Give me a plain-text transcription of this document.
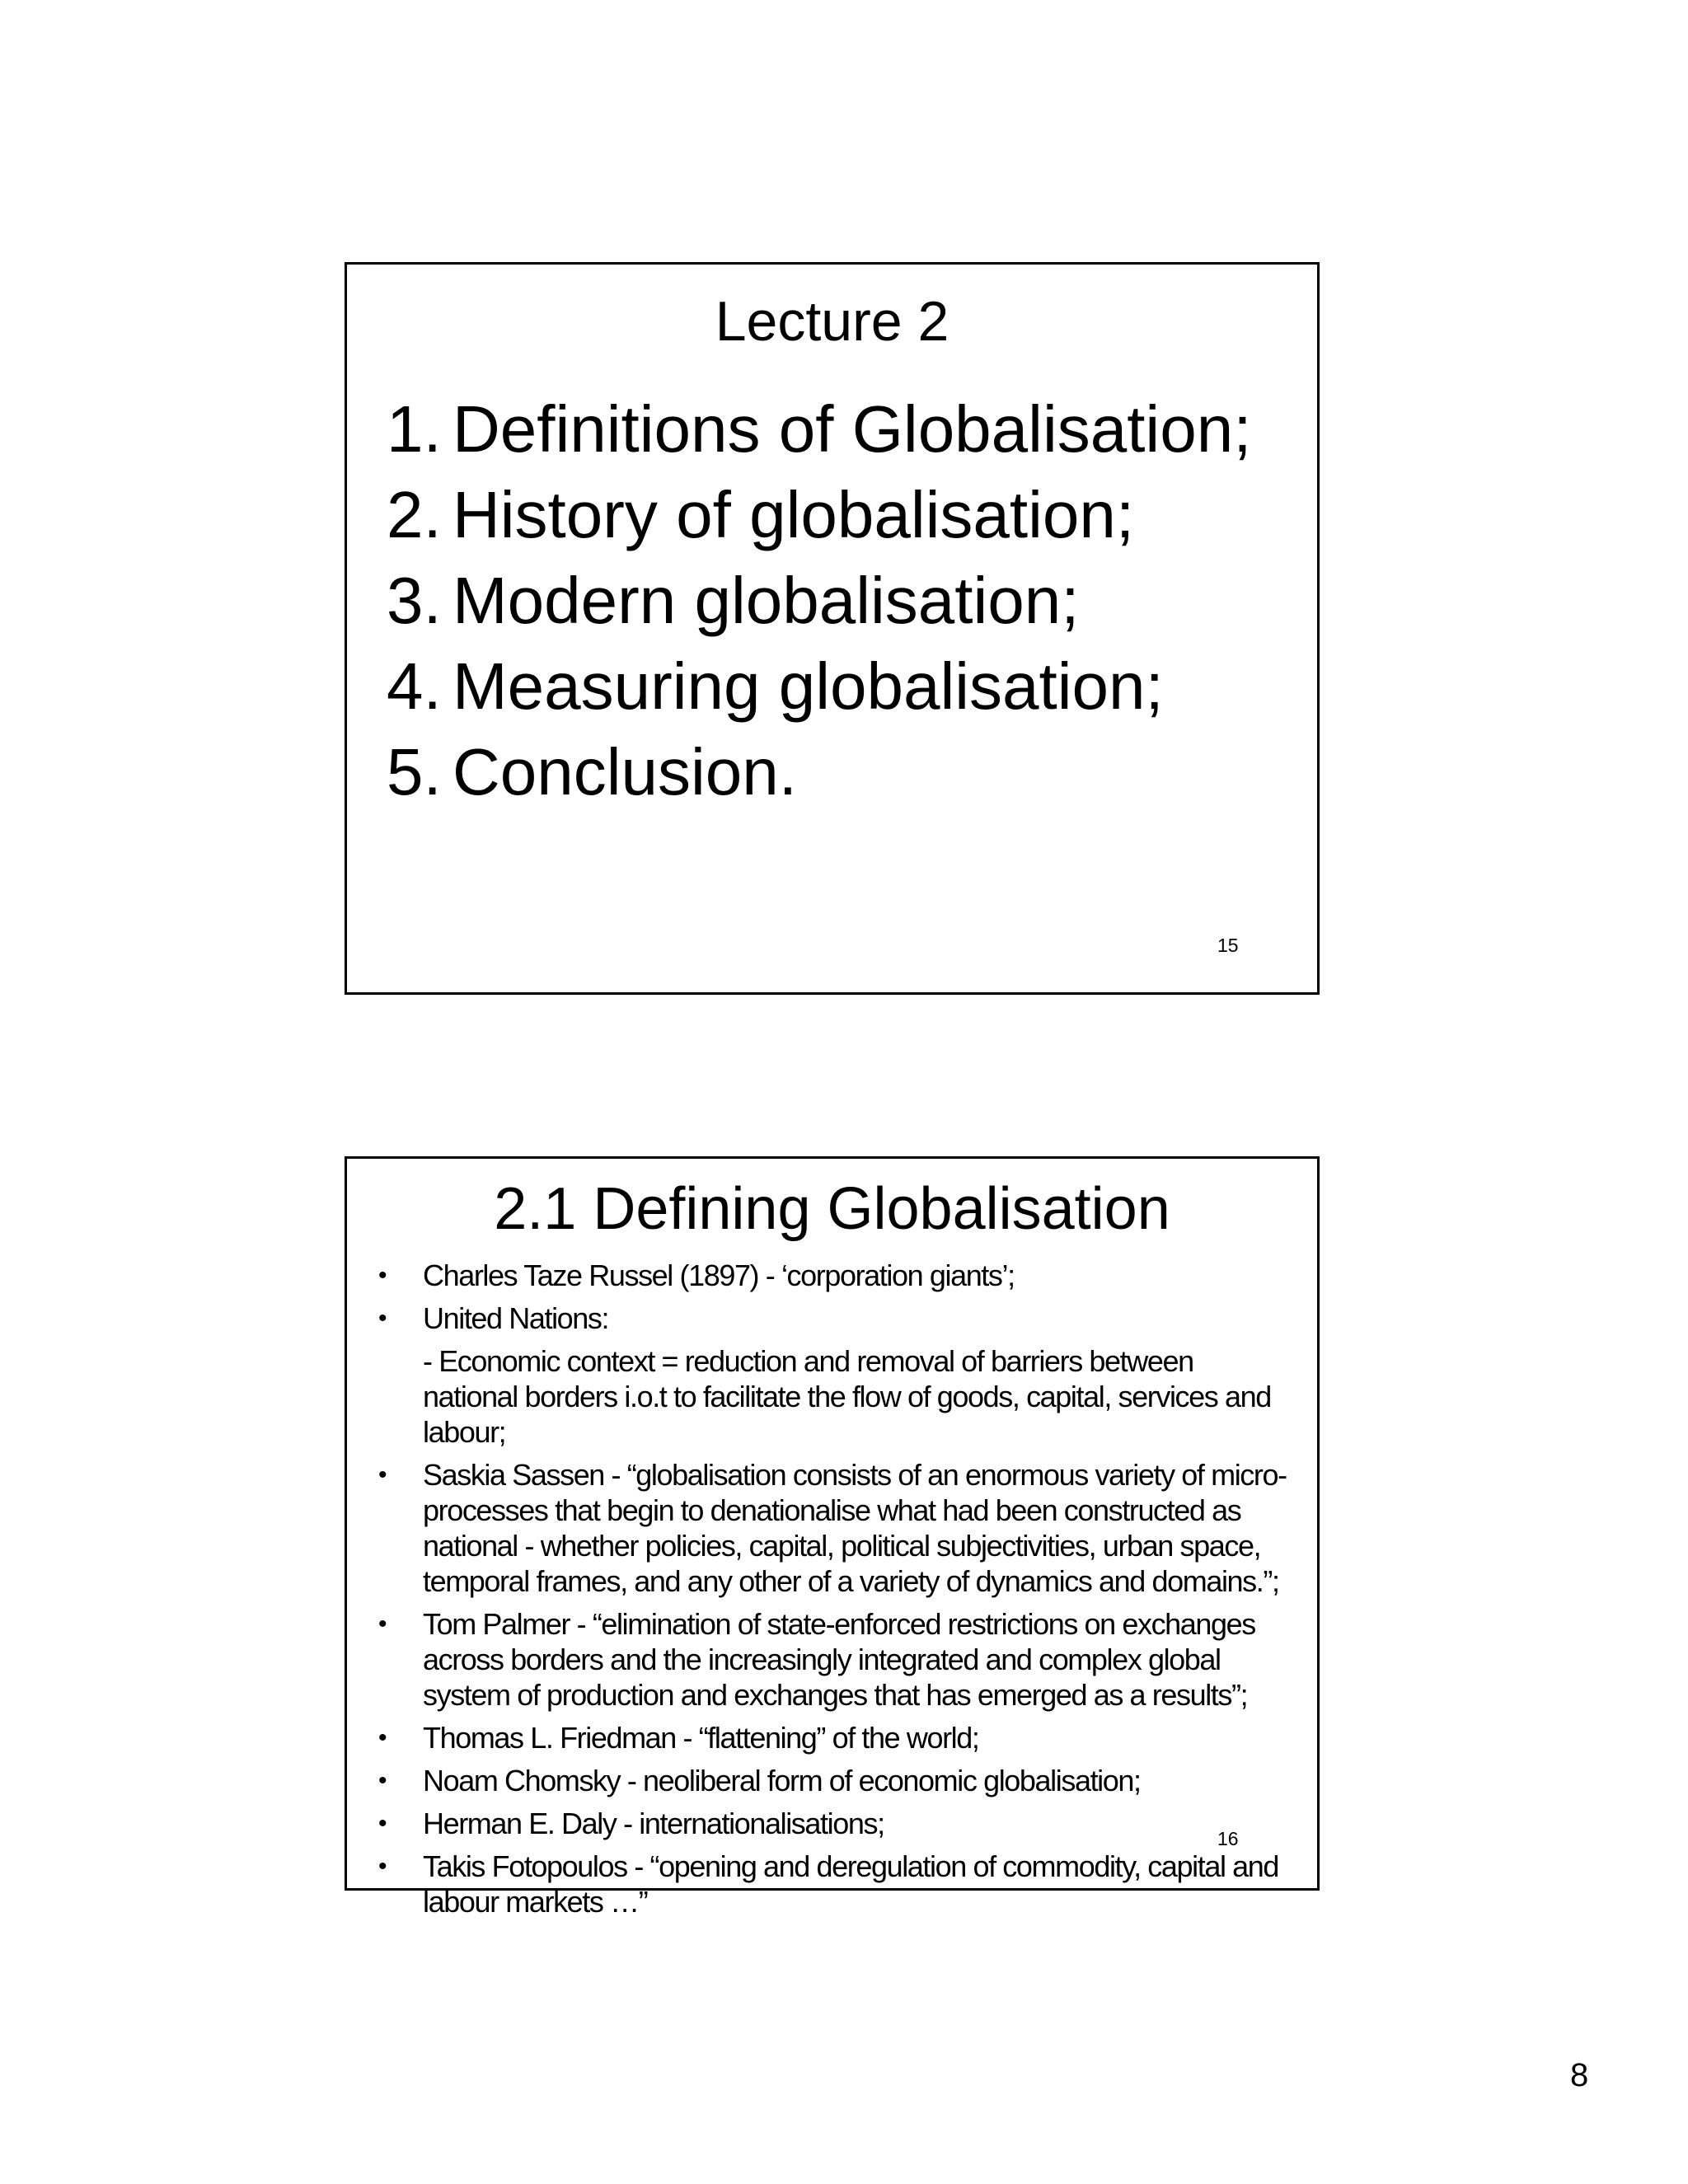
Lecture 2
1. Definitions of Globalisation;
2. History of globalisation;
3. Modern globalisation;
4. Measuring globalisation;
5. Conclusion.
15
2.1 Defining Globalisation
• Charles Taze Russel (1897) - ‘corporation giants’;
• United Nations:
- Economic context = reduction and removal of barriers between national borders i.o.t to facilitate the flow of goods, capital, services and labour;
• Saskia Sassen - “globalisation consists of an enormous variety of micro-processes that begin to denationalise what had been constructed as national - whether policies, capital, political subjectivities, urban space, temporal frames, and any other of a variety of dynamics and domains.”;
• Tom Palmer - “elimination of state-enforced restrictions on exchanges across borders and the increasingly integrated and complex global system of production and exchanges that has emerged as a results”;
• Thomas L. Friedman - “flattening” of the world;
• Noam Chomsky - neoliberal form of economic globalisation;
• Herman E. Daly - internationalisations;
• Takis Fotopoulos - “opening and deregulation of commodity, capital and labour markets …”
16
8
